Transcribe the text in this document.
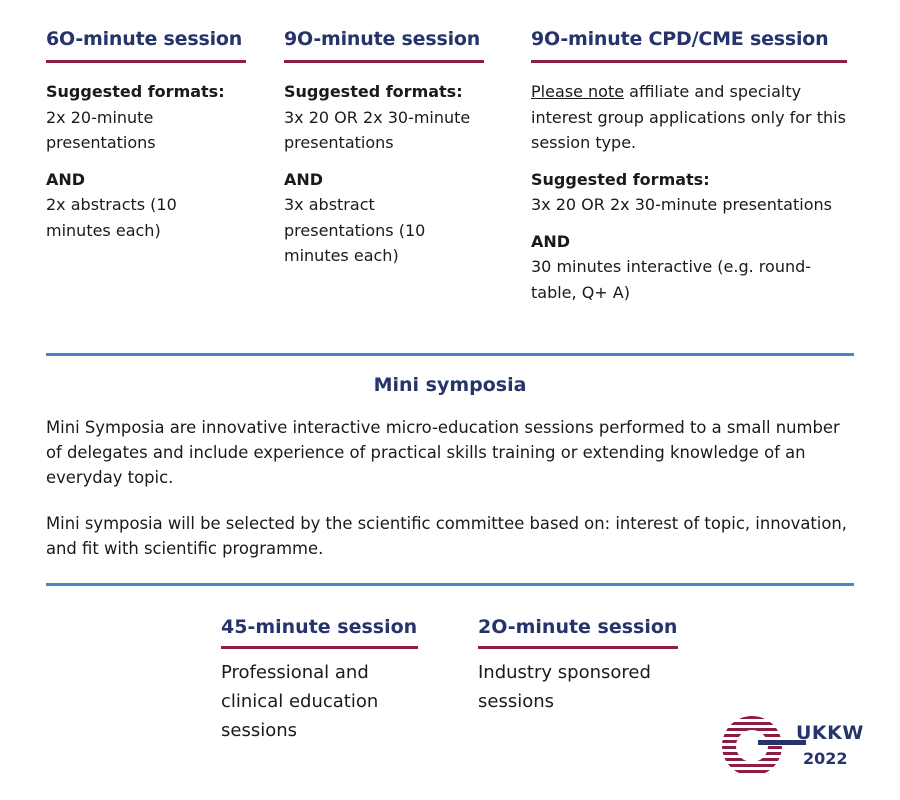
6O-minute session

Suggested formats:

2x 20-minute presentations

AND

2x abstracts (10 minutes each)

9O-minute session

Suggested formats:

3x 20 OR 2x 30-minute presentations

AND

3x abstract presentations (10 minutes each)

9O-minute CPD/CME session

Please note affiliate and specialty interest group applications only for this session type.

Suggested formats:

3x 20 OR 2x 30-minute presentations

AND

30 minutes interactive (e.g. round-table, Q+ A)

Mini symposia

Mini Symposia are innovative interactive micro-education sessions performed to a small number of delegates and include experience of practical skills training or extending knowledge of an everyday topic.

Mini symposia will be selected by the scientific committee based on: interest of topic, innovation, and fit with scientific programme.

45-minute session

Professional and clinical education sessions

2O-minute session

Industry sponsored sessions

UKKW
2022
